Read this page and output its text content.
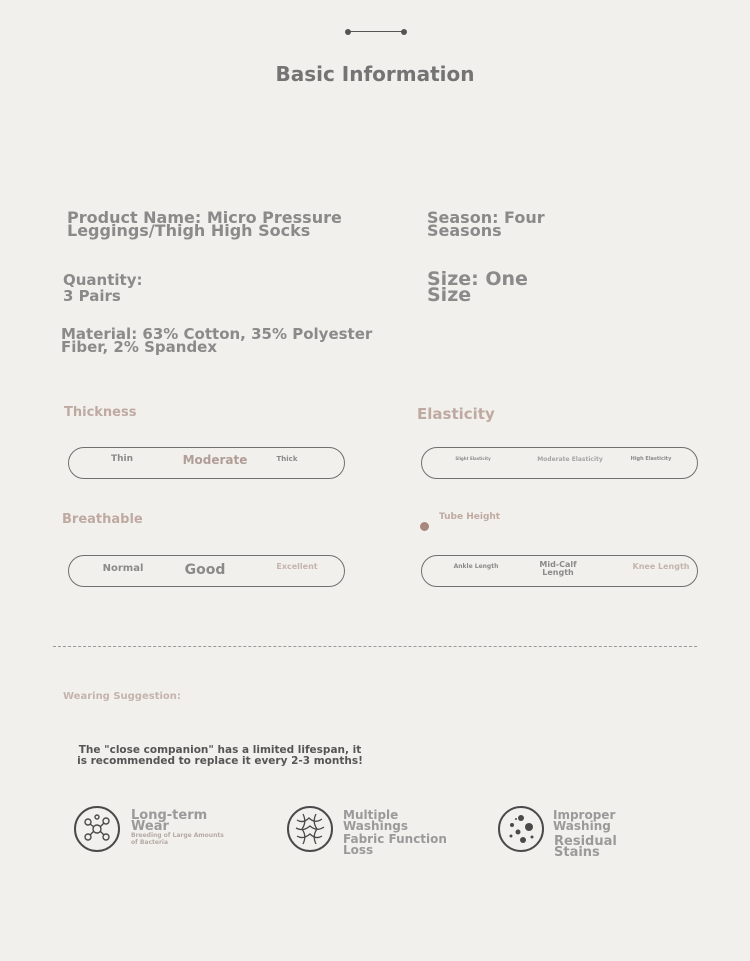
Basic Information
Product Name: Micro Pressure
Leggings/Thigh High Socks
Season: Four
Seasons
Quantity:
3 Pairs
Size: One
Size
Material: 63% Cotton, 35% Polyester
Fiber, 2% Spandex
Thickness
Thin	Moderate	Thick
Elasticity
Slight Elasticity	Moderate Elasticity	High Elasticity
Breathable
Normal	Good	Excellent
Tube Height
Ankle Length	Mid-Calf
Length
Knee Length
Wearing Suggestion:
The "close companion" has a limited lifespan, it
is recommended to replace it every 2-3 months!
Long-term
Wear
Breeding of Large Amounts
of Bacteria
Multiple
Washings
Fabric Function
Loss
Improper
Washing
Residual
Stains
